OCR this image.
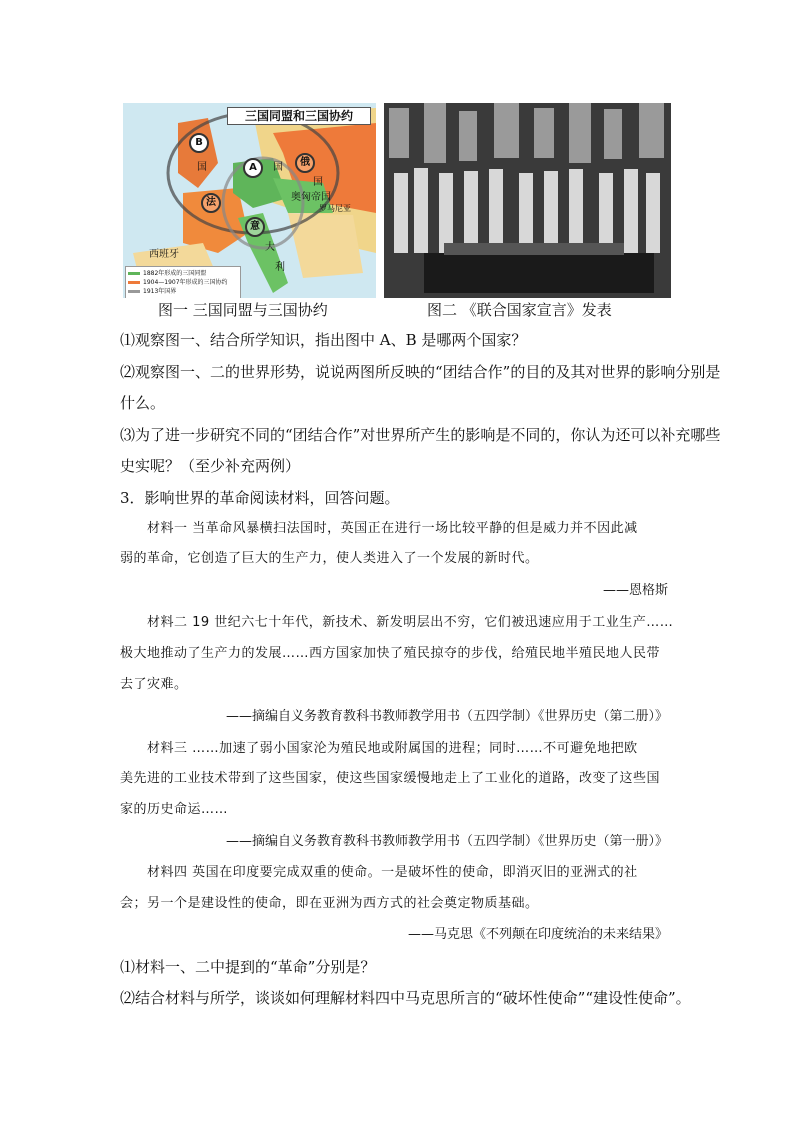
三国同盟和三国协约
B
A
国
法
俄
国
国
奥匈帝国
意
大
利
西班牙
罗马尼亚
1882年形成的三国同盟
1904—1907年形成的三国协约
1913年国界
图一 三国同盟与三国协约	图二 《联合国家宣言》发表
⑴观察图一、结合所学知识，指出图中 A、B 是哪两个国家？
⑵观察图一、二的世界形势，说说两图所反映的“团结合作”的目的及其对世界的影响分别是
什么。
⑶为了进一步研究不同的“团结合作”对世界所产生的影响是不同的，你认为还可以补充哪些
史实呢？（至少补充两例）
3．影响世界的革命阅读材料，回答问题。
材料一 当革命风暴横扫法国时，英国正在进行一场比较平静的但是威力并不因此减
弱的革命，它创造了巨大的生产力，使人类进入了一个发展的新时代。
——恩格斯
材料二 19 世纪六七十年代，新技术、新发明层出不穷，它们被迅速应用于工业生产……
极大地推动了生产力的发展……西方国家加快了殖民掠夺的步伐，给殖民地半殖民地人民带
去了灾难。
——摘编自义务教育教科书教师教学用书（五四学制）《世界历史（第二册）》
材料三 ……加速了弱小国家沦为殖民地或附属国的进程；同时……不可避免地把欧
美先进的工业技术带到了这些国家，使这些国家缓慢地走上了工业化的道路，改变了这些国
家的历史命运……
——摘编自义务教育教科书教师教学用书（五四学制）《世界历史（第一册）》
材料四 英国在印度要完成双重的使命。一是破坏性的使命，即消灭旧的亚洲式的社
会；另一个是建设性的使命，即在亚洲为西方式的社会奠定物质基础。
——马克思《不列颠在印度统治的未来结果》
⑴材料一、二中提到的“革命”分别是？
⑵结合材料与所学，谈谈如何理解材料四中马克思所言的“破坏性使命”“建设性使命”。
